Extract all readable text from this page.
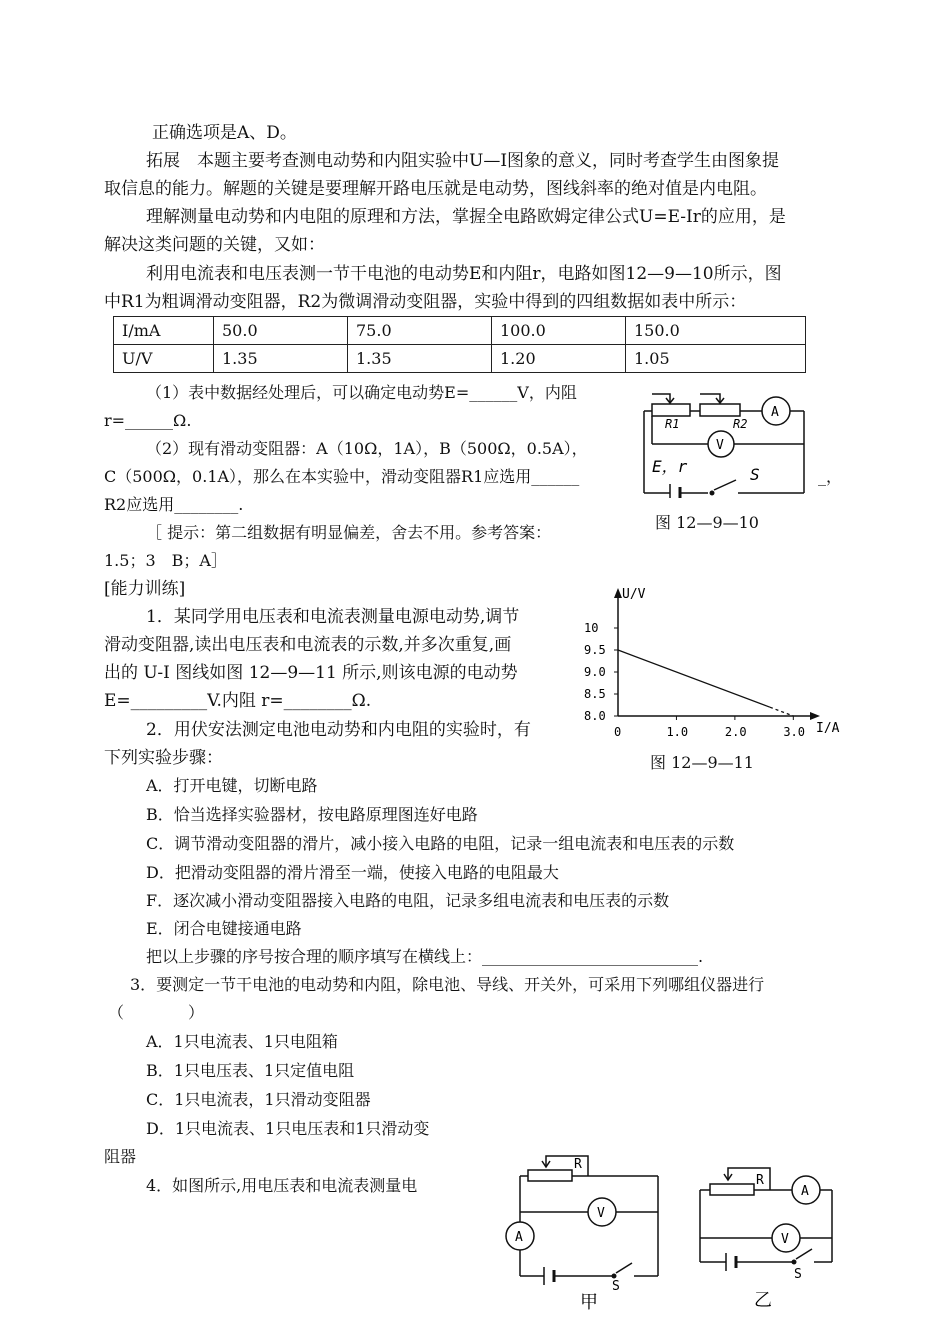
正确选项是A、D。
拓展　本题主要考查测电动势和内阻实验中U—I图象的意义，同时考查学生由图象提
取信息的能力。解题的关键是要理解开路电压就是电动势，图线斜率的绝对值是内电阻。
理解测量电动势和内电阻的原理和方法，掌握全电路欧姆定律公式U=E-Ir的应用，是
解决这类问题的关键，又如：
利用电流表和电压表测一节干电池的电动势E和内阻r，电路如图12—9—10所示，图
中R1为粗调滑动变阻器，R2为微调滑动变阻器，实验中得到的四组数据如表中所示：
I/mA	50.0	75.0	100.0	150.0
U/V	1.35	1.35	1.20	1.05
（1）表中数据经处理后，可以确定电动势E=______V，内阻
r=______Ω.
（2）现有滑动变阻器：A（10Ω，1A），B（500Ω，0.5A），
C（500Ω，0.1A），那么在本实验中，滑动变阻器R1应选用______	_，
R2应选用________.
［ 提示：第二组数据有明显偏差，舍去不用。参考答案：
1.5；3　B；A］
A
V
R1	R2
E，r	S
图 12—9—10
[能力训练]
1．某同学用电压表和电流表测量电源电动势,调节
滑动变阻器,读出电压表和电流表的示数,并多次重复,画
出的 U-I 图线如图 12—9—11 所示,则该电源的电动势
E=_________V.内阻 r=________Ω.
2．用伏安法测定电池电动势和内电阻的实验时，有
下列实验步骤：
U/V
I/A
8.0
8.5
9.0
9.5
10
0	1.0	2.0	3.0
图 12—9—11
A．打开电键，切断电路
B．恰当选择实验器材，按电路原理图连好电路
C．调节滑动变阻器的滑片，减小接入电路的电阻，记录一组电流表和电压表的示数
D．把滑动变阻器的滑片滑至一端，使接入电路的电阻最大
F．逐次减小滑动变阻器接入电路的电阻，记录多组电流表和电压表的示数
E．闭合电键接通电路
把以上步骤的序号按合理的顺序填写在横线上：___________________________.
3．要测定一节干电池的电动势和内阻，除电池、导线、开关外，可采用下列哪组仪器进行
（　　　　）
A．1只电流表、1只电阻箱
B．1只电压表、1只定值电阻
C．1只电流表，1只滑动变阻器
D．1只电流表、1只电压表和1只滑动变
阻器
4．如图所示,用电压表和电流表测量电
V
A
R
S
甲
A
V
R
S
乙
